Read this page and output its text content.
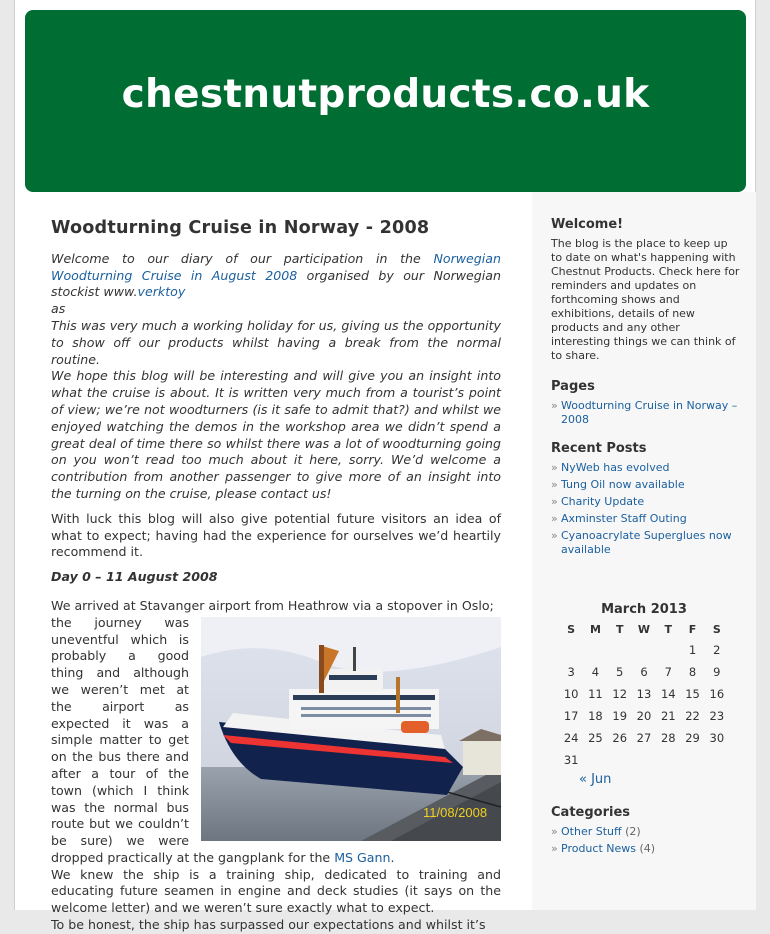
chestnutproducts.co.uk
Woodturning Cruise in Norway - 2008
Welcome to our diary of our participation in the Norwegian Woodturning Cruise in August 2008 organised by our Norwegian stockist www.verktoy
as
This was very much a working holiday for us, giving us the opportunity to show off our products whilst having a break from the normal routine.
We hope this blog will be interesting and will give you an insight into what the cruise is about. It is written very much from a tourist’s point of view; we’re not woodturners (is it safe to admit that?) and whilst we enjoyed watching the demos in the workshop area we didn’t spend a great deal of time there so whilst there was a lot of woodturning going on you won’t read too much about it here, sorry. We’d welcome a contribution from another passenger to give more of an insight into the turning on the cruise, please contact us!
With luck this blog will also give potential future visitors an idea of what to expect; having had the experience for ourselves we’d heartily recommend it.
Day 0 – 11 August 2008
We arrived at Stavanger airport from Heathrow via a stopover in Oslo;
11/08/2008
the journey was uneventful which is probably a good thing and although we weren’t met at the airport as expected it was a simple matter to get on the bus there and after a tour of the town (which I think was the normal bus route but we couldn’t be sure) we were dropped practically at the gangplank for the MS Gann.
We knew the ship is a training ship, dedicated to training and educating future seamen in engine and deck studies (it says on the welcome letter) and we weren’t sure exactly what to expect.
To be honest, the ship has surpassed our expectations and whilst it’s
Welcome!
The blog is the place to keep up to date on what's happening with Chestnut Products. Check here for reminders and updates on forthcoming shows and exhibitions, details of new products and any other interesting things we can think of to share.
Pages
» Woodturning Cruise in Norway – 2008
Recent Posts
» NyWeb has evolved
» Tung Oil now available
» Charity Update
» Axminster Staff Outing
» Cyanoacrylate Superglues now available
March 2013
S	M	T	W	T	F	S
					1	2
3	4	5	6	7	8	9
10	11	12	13	14	15	16
17	18	19	20	21	22	23
24	25	26	27	28	29	30
31						
« Jun
Categories
» Other Stuff (2)
» Product News (4)
